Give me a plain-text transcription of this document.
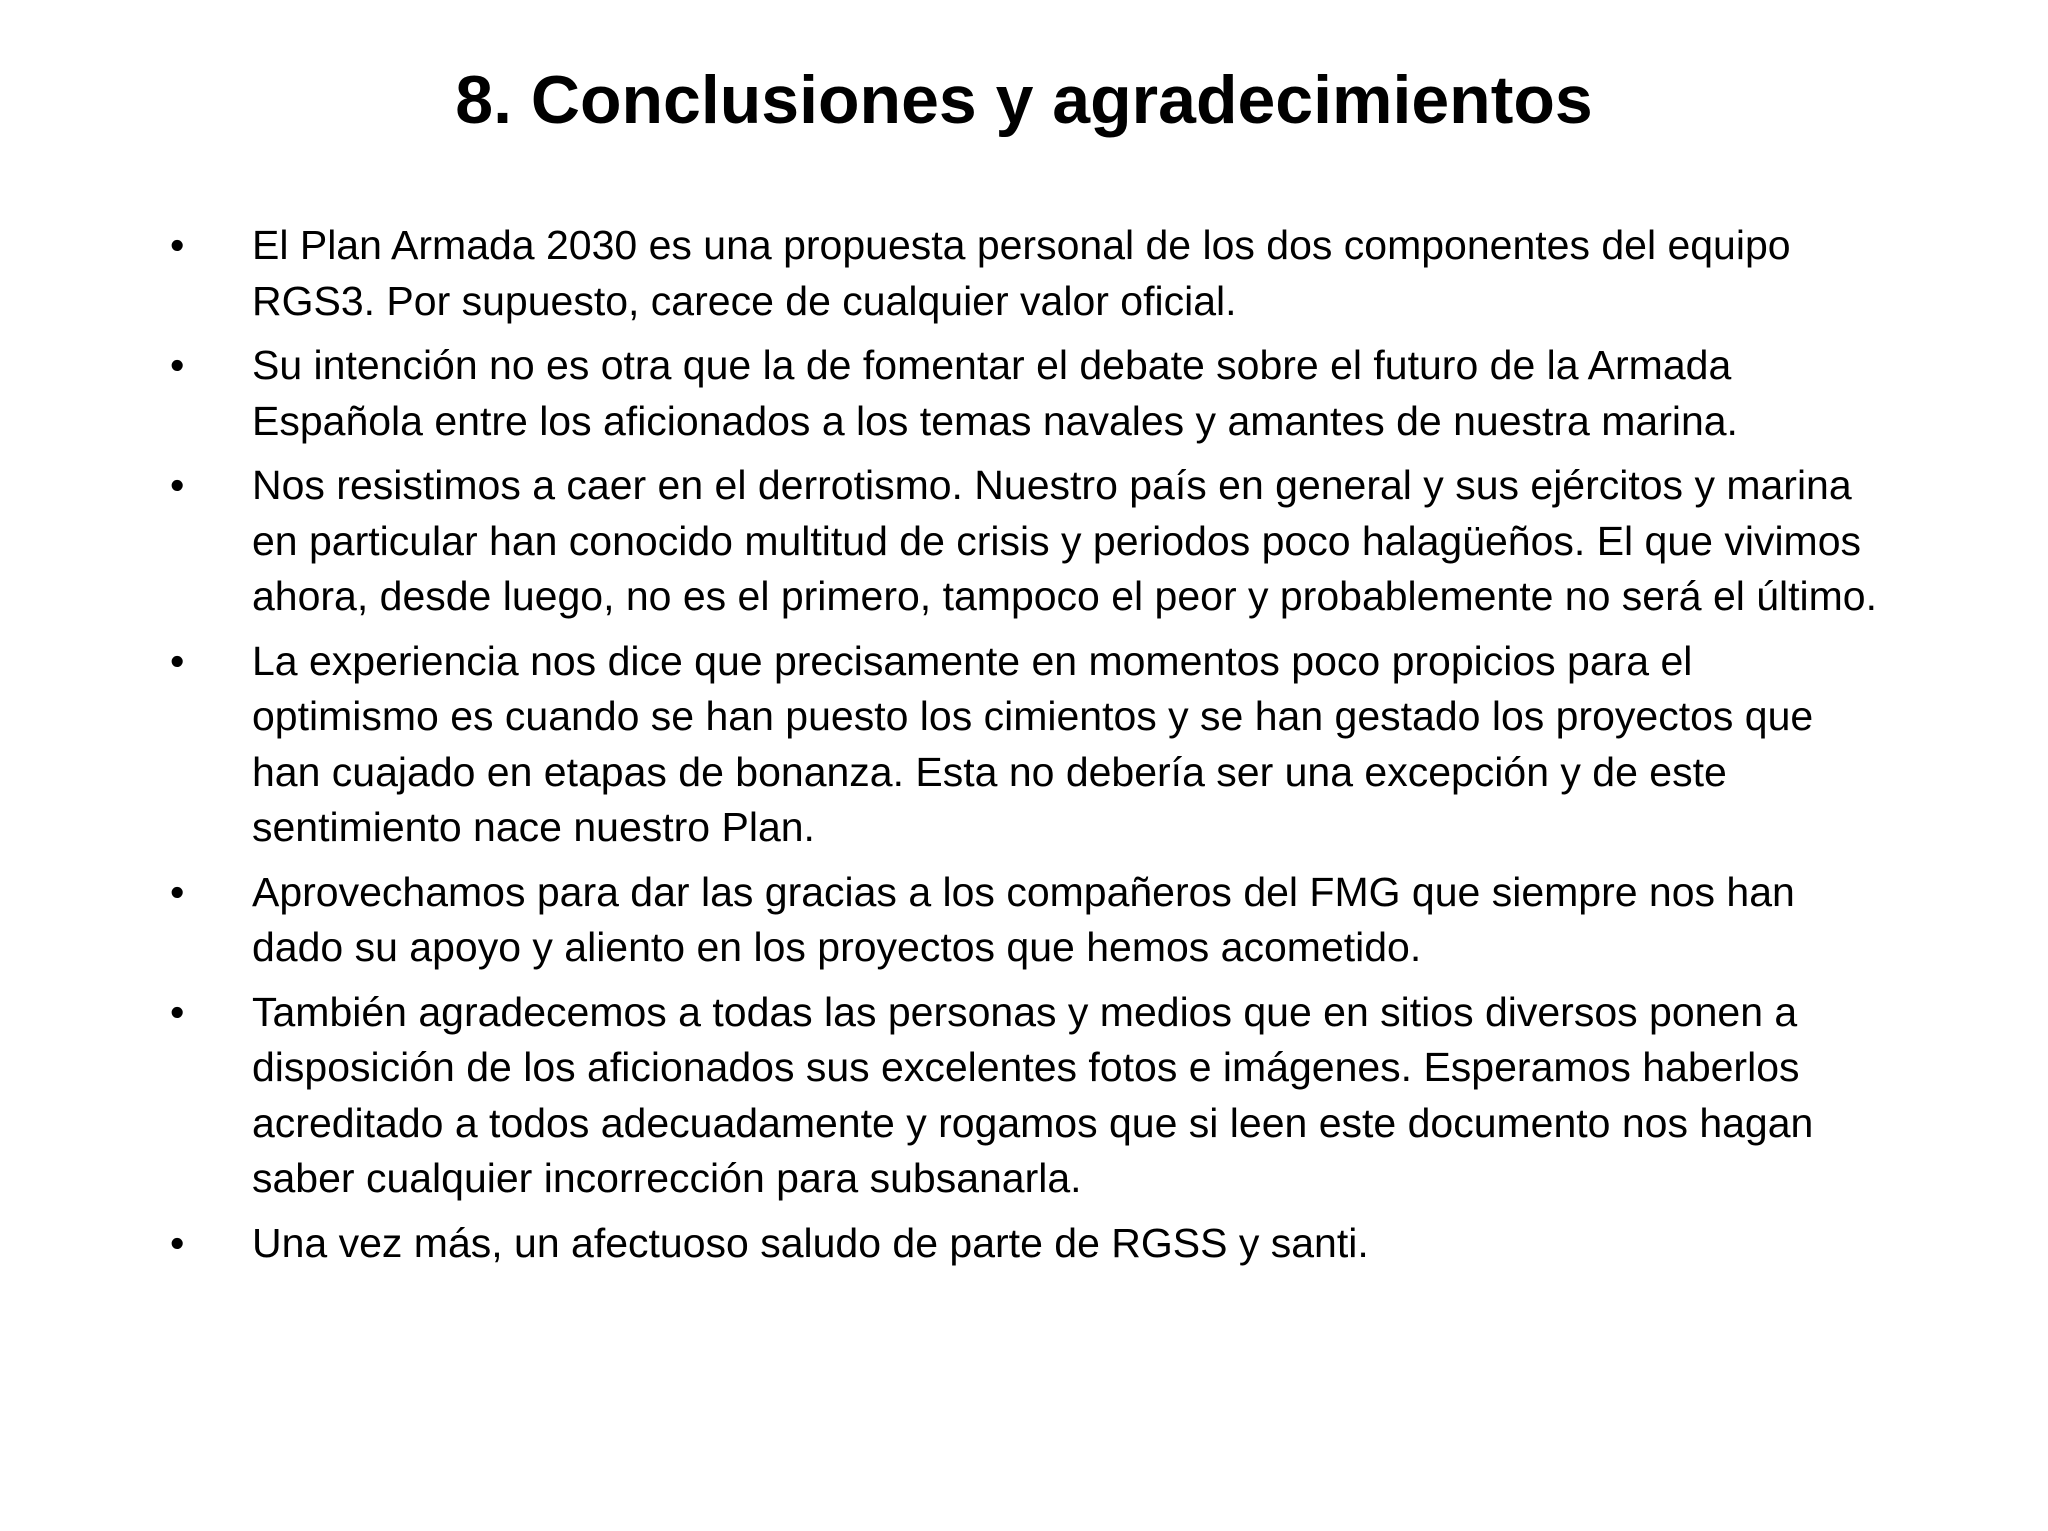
8. Conclusiones y agradecimientos
•	El Plan Armada 2030 es una propuesta personal de los dos componentes del equipo RGS3. Por supuesto, carece de cualquier valor oficial.
•	Su intención no es otra que la de fomentar el debate sobre el futuro de la Armada Española entre los aficionados a los temas navales y amantes de nuestra marina.
•	Nos resistimos a caer en el derrotismo. Nuestro país en general y sus ejércitos y marina en particular han conocido multitud de crisis y periodos poco halagüeños. El que vivimos ahora, desde luego, no es el primero, tampoco el peor y probablemente no será el último.
•	La experiencia nos dice que precisamente en momentos poco propicios para el optimismo es cuando se han puesto los cimientos y se han gestado los proyectos que han cuajado en etapas de bonanza. Esta no debería ser una excepción y de este sentimiento nace nuestro Plan.
•	Aprovechamos para dar las gracias a los compañeros del FMG que siempre nos han dado su apoyo y aliento en los proyectos que hemos acometido.
•	También agradecemos a todas las personas y medios que en sitios diversos ponen a disposición de los aficionados sus excelentes fotos e imágenes. Esperamos haberlos acreditado a todos adecuadamente y rogamos que si leen este documento nos hagan saber cualquier incorrección para subsanarla.
•	Una vez más, un afectuoso saludo de parte de RGSS y santi.
